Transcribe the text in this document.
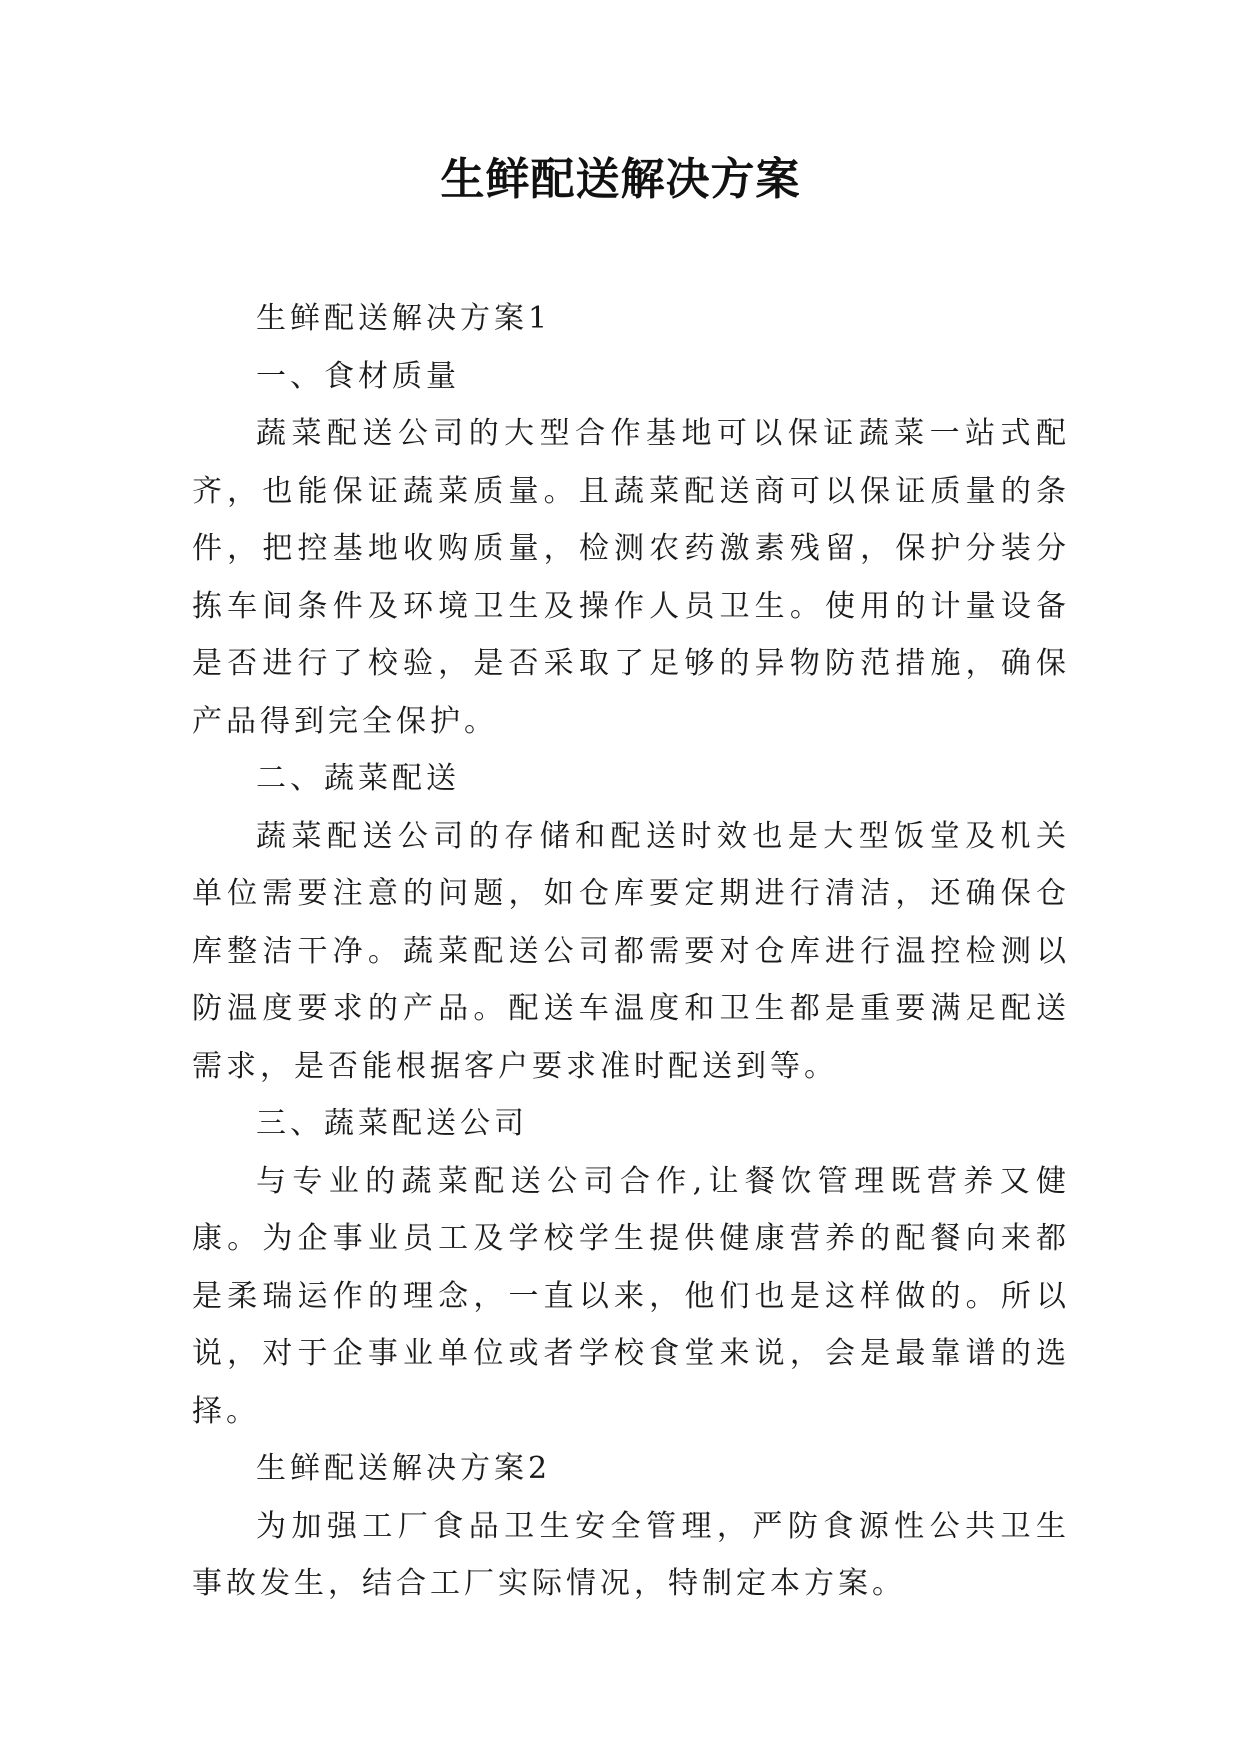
生鲜配送解决方案

生鲜配送解决方案1

一、食材质量

蔬菜配送公司的大型合作基地可以保证蔬菜一站式配齐，也能保证蔬菜质量。且蔬菜配送商可以保证质量的条件，把控基地收购质量，检测农药激素残留，保护分装分拣车间条件及环境卫生及操作人员卫生。使用的计量设备是否进行了校验，是否采取了足够的异物防范措施，确保产品得到完全保护。

二、蔬菜配送

蔬菜配送公司的存储和配送时效也是大型饭堂及机关单位需要注意的问题，如仓库要定期进行清洁，还确保仓库整洁干净。蔬菜配送公司都需要对仓库进行温控检测以防温度要求的产品。配送车温度和卫生都是重要满足配送需求，是否能根据客户要求准时配送到等。

三、蔬菜配送公司

与专业的蔬菜配送公司合作,让餐饮管理既营养又健康。为企事业员工及学校学生提供健康营养的配餐向来都是柔瑞运作的理念，一直以来，他们也是这样做的。所以说，对于企事业单位或者学校食堂来说，会是最靠谱的选择。

生鲜配送解决方案2

为加强工厂食品卫生安全管理，严防食源性公共卫生事故发生，结合工厂实际情况，特制定本方案。
